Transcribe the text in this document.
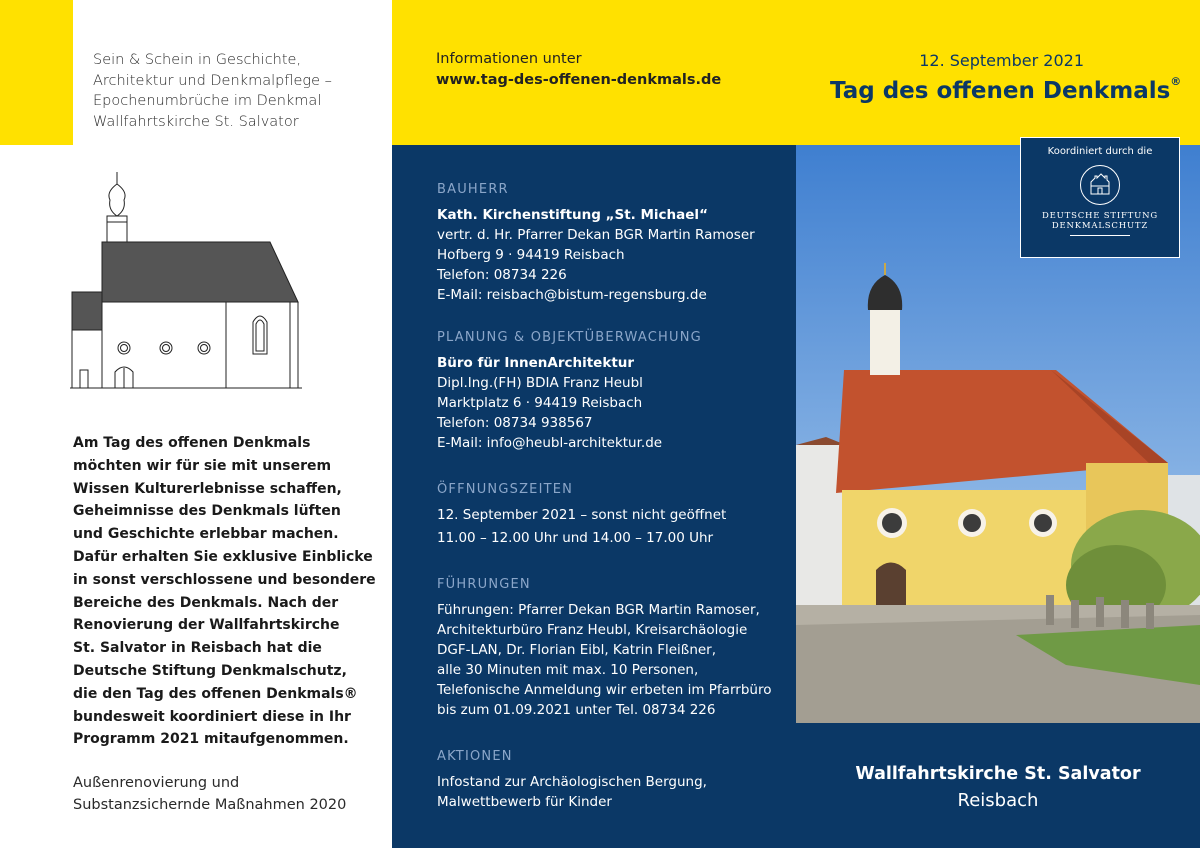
Sein & Schein in Geschichte,
Architektur und Denkmalpflege –
Epochenumbrüche im Denkmal
Wallfahrtskirche St. Salvator
Informationen unter
www.tag-des-offenen-denkmals.de
12. September 2021
Tag des offenen Denkmals®
Am Tag des offenen Denkmals
möchten wir für sie mit unserem
Wissen Kulturerlebnisse schaffen,
Geheimnisse des Denkmals lüften
und Geschichte erlebbar machen.
Dafür erhalten Sie exklusive Einblicke
in sonst verschlossene und besondere
Bereiche des Denkmals. Nach der
Renovierung der Wallfahrtskirche
St. Salvator in Reisbach hat die
Deutsche Stiftung Denkmalschutz,
die den Tag des offenen Denkmals®
bundesweit koordiniert diese in Ihr
Programm 2021 mitaufgenommen.
Außenrenovierung und
Substanzsichernde Maßnahmen 2020
BAUHERR
Kath. Kirchenstiftung „St. Michael“
vertr. d. Hr. Pfarrer Dekan BGR Martin Ramoser
Hofberg 9 · 94419 Reisbach
Telefon: 08734 226
E-Mail: reisbach@bistum-regensburg.de
PLANUNG & OBJEKTÜBERWACHUNG
Büro für InnenArchitektur
Dipl.Ing.(FH) BDIA Franz Heubl
Marktplatz 6 · 94419 Reisbach
Telefon: 08734 938567
E-Mail: info@heubl-architektur.de
ÖFFNUNGSZEITEN
12. September 2021 – sonst nicht geöffnet
11.00 – 12.00 Uhr und 14.00 – 17.00 Uhr
FÜHRUNGEN
Führungen: Pfarrer Dekan BGR Martin Ramoser,
Architekturbüro Franz Heubl, Kreisarchäologie
DGF-LAN, Dr. Florian Eibl, Katrin Fleißner,
alle 30 Minuten mit max. 10 Personen,
Telefonische Anmeldung wir erbeten im Pfarrbüro
bis zum 01.09.2021 unter Tel. 08734 226
AKTIONEN
Infostand zur Archäologischen Bergung,
Malwettbewerb für Kinder
Koordiniert durch die
DEUTSCHE STIFTUNG
DENKMALSCHUTZ
Wallfahrtskirche St. Salvator
Reisbach
